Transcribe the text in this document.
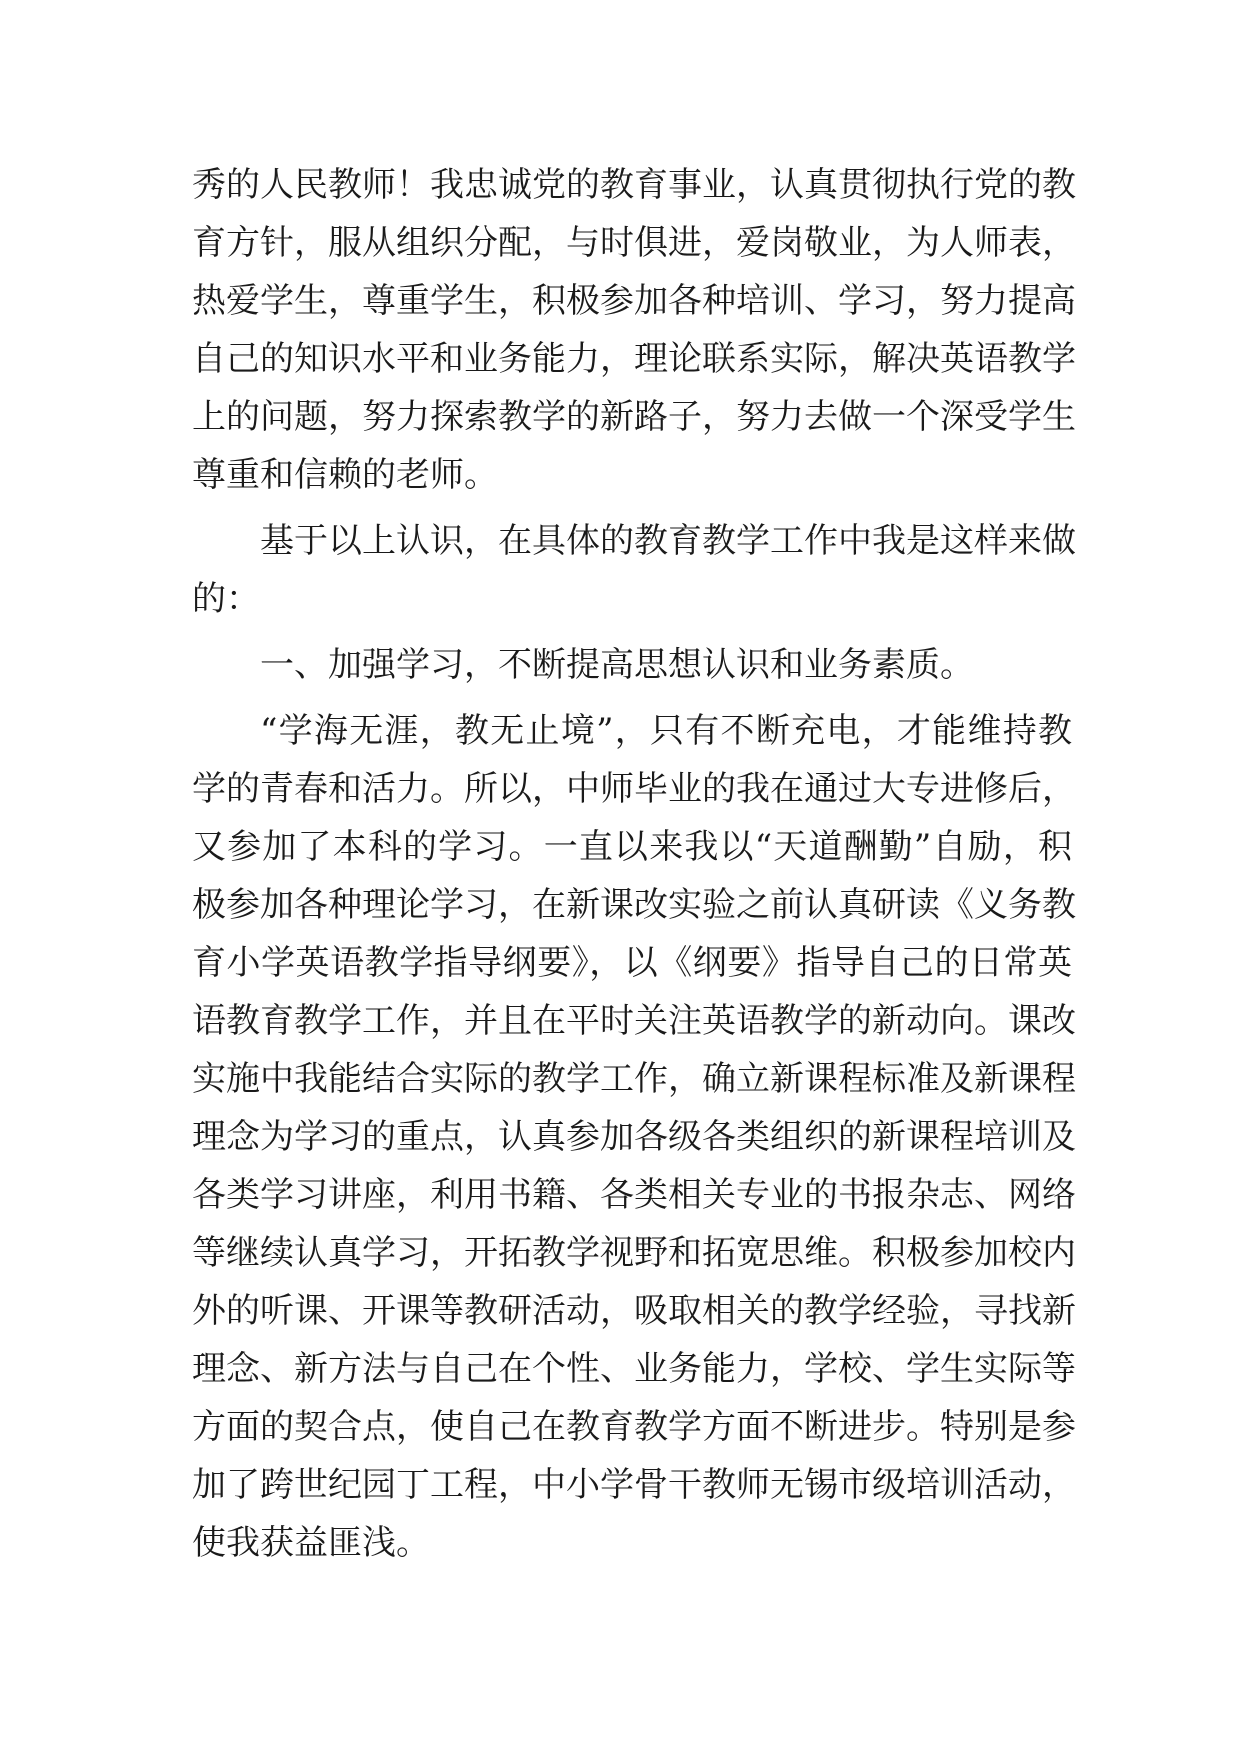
秀的人民教师！我忠诚党的教育事业，认真贯彻执行党的教
育方针，服从组织分配，与时俱进，爱岗敬业，为人师表，
热爱学生，尊重学生，积极参加各种培训、学习，努力提高
自己的知识水平和业务能力，理论联系实际，解决英语教学
上的问题，努力探索教学的新路子，努力去做一个深受学生
尊重和信赖的老师。
基于以上认识，在具体的教育教学工作中我是这样来做
的：
一、加强学习，不断提高思想认识和业务素质。
“学海无涯，教无止境”，只有不断充电，才能维持教
学的青春和活力。所以，中师毕业的我在通过大专进修后，
又参加了本科的学习。一直以来我以“天道酬勤”自励，积
极参加各种理论学习，在新课改实验之前认真研读《义务教
育小学英语教学指导纲要》，以《纲要》指导自己的日常英
语教育教学工作，并且在平时关注英语教学的新动向。课改
实施中我能结合实际的教学工作，确立新课程标准及新课程
理念为学习的重点，认真参加各级各类组织的新课程培训及
各类学习讲座，利用书籍、各类相关专业的书报杂志、网络
等继续认真学习，开拓教学视野和拓宽思维。积极参加校内
外的听课、开课等教研活动，吸取相关的教学经验，寻找新
理念、新方法与自己在个性、业务能力，学校、学生实际等
方面的契合点，使自己在教育教学方面不断进步。特别是参
加了跨世纪园丁工程，中小学骨干教师无锡市级培训活动，
使我获益匪浅。
